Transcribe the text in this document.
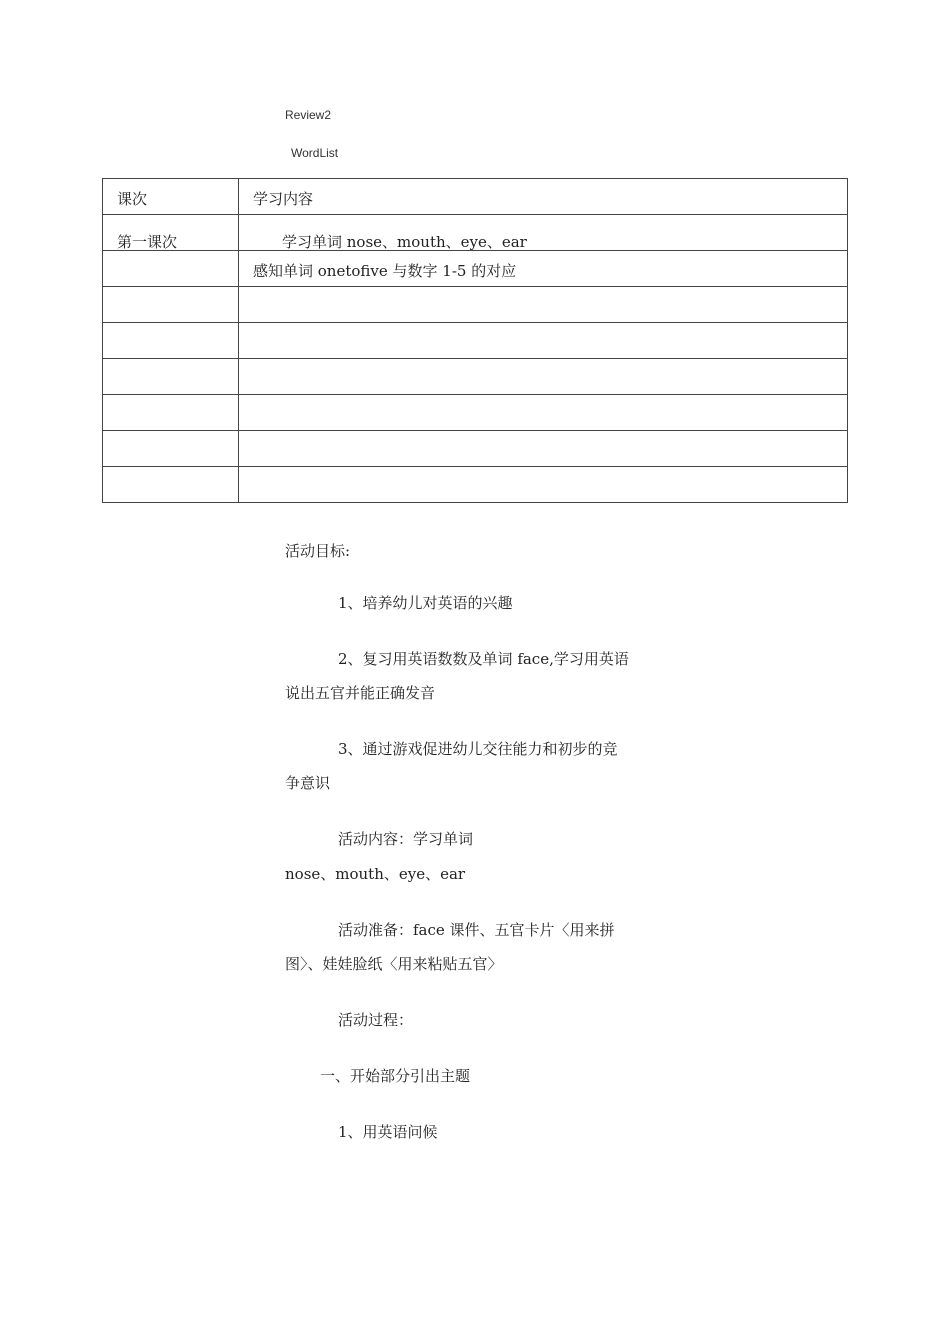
Review2
WordList
课次	学习内容

第一课次	学习单词 nose、mouth、eye、ear

	感知单词 onetofive 与数字 1-5 的对应

活动目标:
1、培养幼儿对英语的兴趣
2、复习用英语数数及单词 face,学习用英语
说出五官并能正确发音
3、通过游戏促进幼儿交往能力和初步的竞
争意识
活动内容：学习单词
nose、mouth、eye、ear
活动准备：face 课件、五官卡片〈用来拼
图〉、娃娃脸纸〈用来粘贴五官〉
活动过程：
一、开始部分引出主题
1、用英语问候
